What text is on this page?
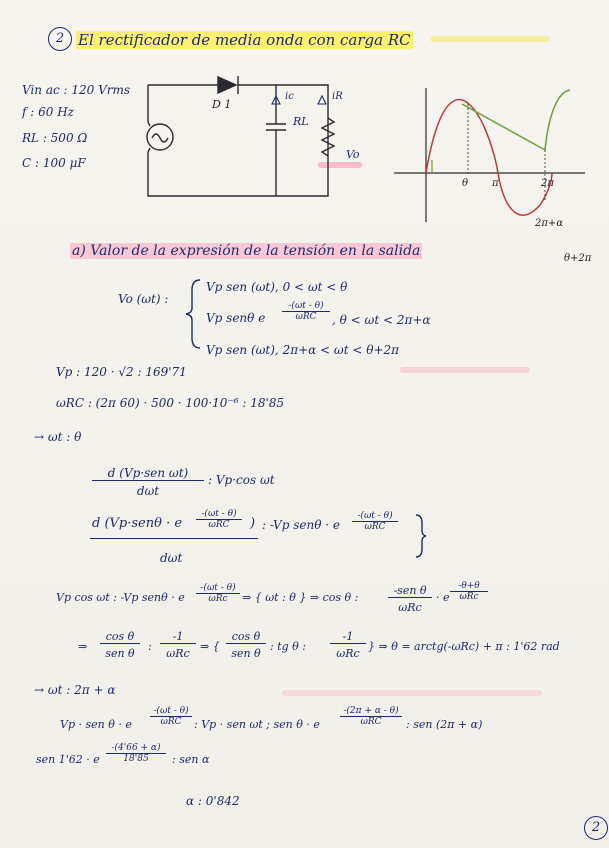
2 El rectificador de media onda con carga RC
Vin ac : 120 Vrms
f : 60 Hz
RL : 500 Ω
C : 100 μF
D 1
ic	iR
RL
Vo
θ π	2π
2π+α
θ+2π
a) Valor de la expresión de la tensión en la salida
Vo (ωt) :
Vp sen (ωt), 0 < ωt < θ
Vp senθ e
-(ωt - θ)
ωRC	, θ < ωt < 2π+α
Vp sen (ωt), 2π+α < ωt < θ+2π
Vp : 120 · √2 : 169'71
ωRC : (2π 60) · 500 · 100·10⁻⁶ : 18'85
→ ωt : θ
d (Vp·sen ωt)
dωt
: Vp·cos ωt
d (Vp·senθ · e
-(ωt - θ)
ωRC	)
dωt
: -Vp senθ · e
-(ωt - θ)
ωRC
Vp cos ωt : -Vp senθ · e
-(ωt - θ)
ωRc	⇒ { ωt : θ } ⇒ cos θ :
-sen θ
ωRc
· e
-θ+θ
ωRc
⇒
cos θ
sen θ
:
-1
ωRc
⇒ {
cos θ
sen θ
: tg θ :
-1
ωRc
} ⇒ θ = arctg(-ωRc) + π : 1'62 rad
→ ωt : 2π + α
Vp · sen θ · e
-(ωt - θ)
ωRC	: Vp · sen ωt ; sen θ · e
-(2π + α - θ)
ωRC	: sen (2π + α)
sen 1'62 · e $\frac{-(4'66 + \alpha)}{18'85}$ : sen α
α : 0'842
2
